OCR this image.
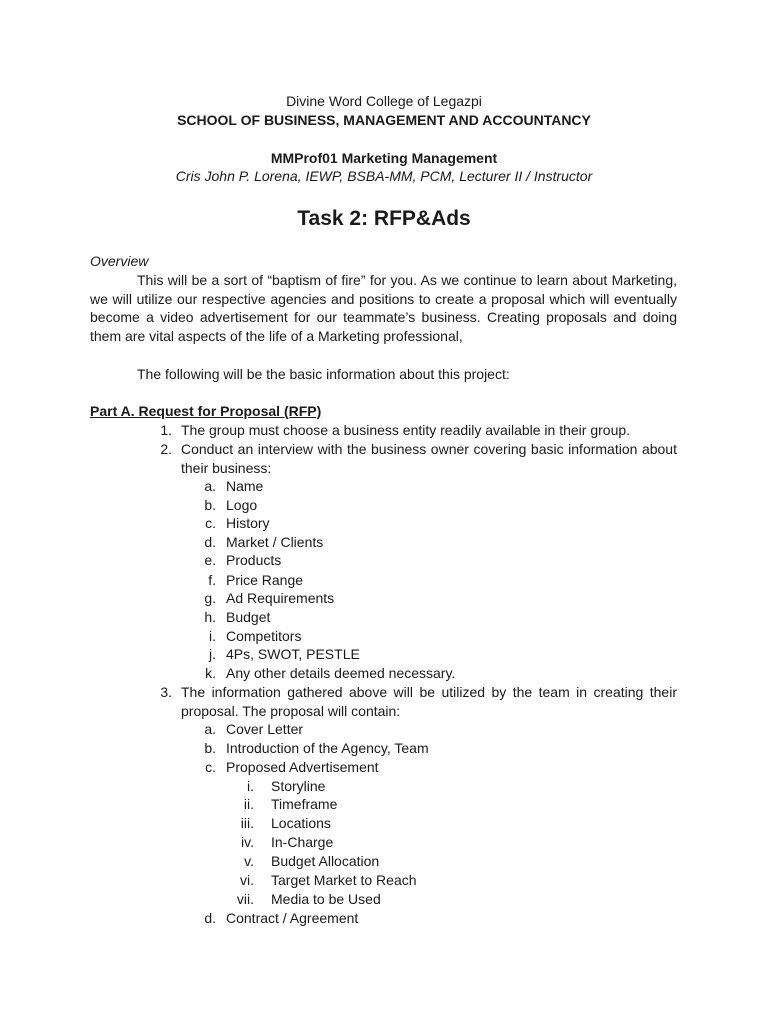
Divine Word College of Legazpi
SCHOOL OF BUSINESS, MANAGEMENT AND ACCOUNTANCY
MMProf01 Marketing Management
Cris John P. Lorena, IEWP, BSBA-MM, PCM, Lecturer II / Instructor
Task 2: RFP&Ads
Overview
This will be a sort of “baptism of fire” for you. As we continue to learn about Marketing,
we will utilize our respective agencies and positions to create a proposal which will eventually
become a video advertisement for our teammate’s business. Creating proposals and doing
them are vital aspects of the life of a Marketing professional,
The following will be the basic information about this project:
Part A. Request for Proposal (RFP)
1. The group must choose a business entity readily available in their group.
2. Conduct an interview with the business owner covering basic information about
their business:
a. Name
b. Logo
c. History
d. Market / Clients
e. Products
f. Price Range
g. Ad Requirements
h. Budget
i. Competitors
j. 4Ps, SWOT, PESTLE
k. Any other details deemed necessary.
3. The information gathered above will be utilized by the team in creating their
proposal. The proposal will contain:
a. Cover Letter
b. Introduction of the Agency, Team
c. Proposed Advertisement
i. Storyline
ii. Timeframe
iii. Locations
iv. In-Charge
v. Budget Allocation
vi. Target Market to Reach
vii. Media to be Used
d. Contract / Agreement
